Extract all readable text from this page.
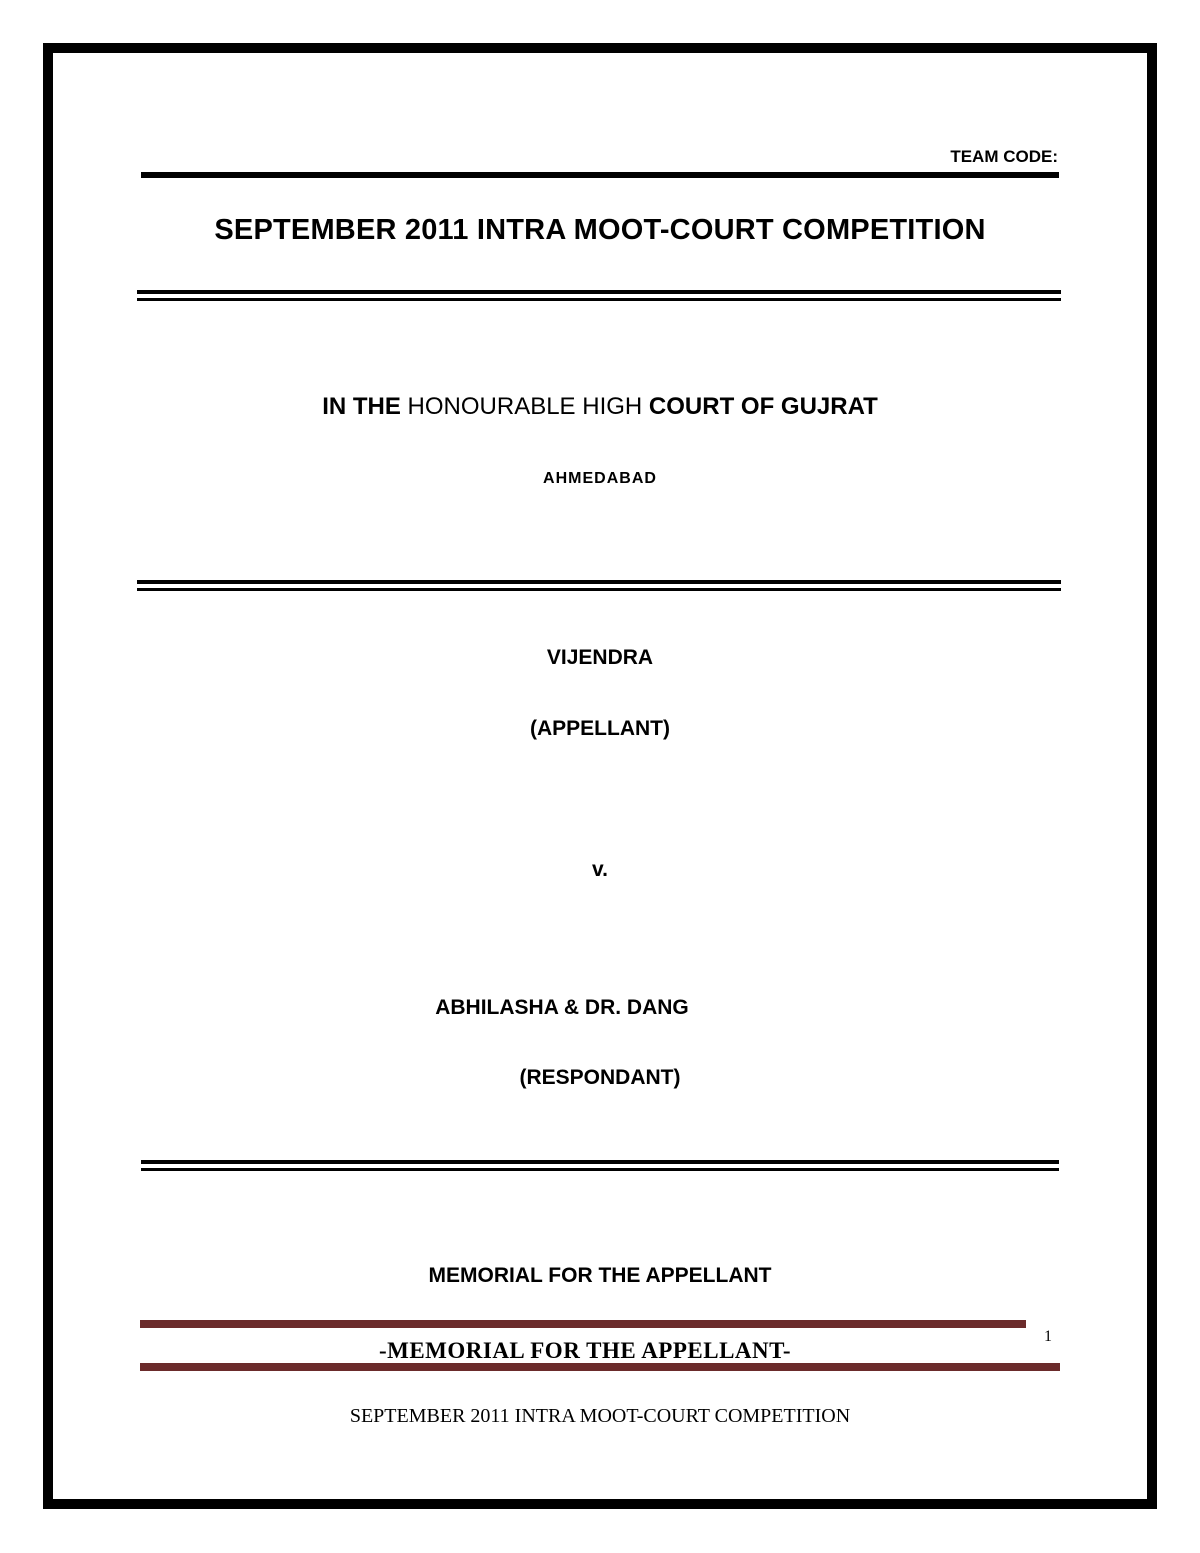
TEAM CODE:
SEPTEMBER 2011 INTRA MOOT-COURT COMPETITION
IN THE HONOURABLE HIGH COURT OF GUJRAT
AHMEDABAD
VIJENDRA
(APPELLANT)
v.
ABHILASHA & DR. DANG
(RESPONDANT)
MEMORIAL FOR THE APPELLANT
-MEMORIAL FOR THE APPELLANT-
1
SEPTEMBER 2011 INTRA MOOT-COURT COMPETITION
